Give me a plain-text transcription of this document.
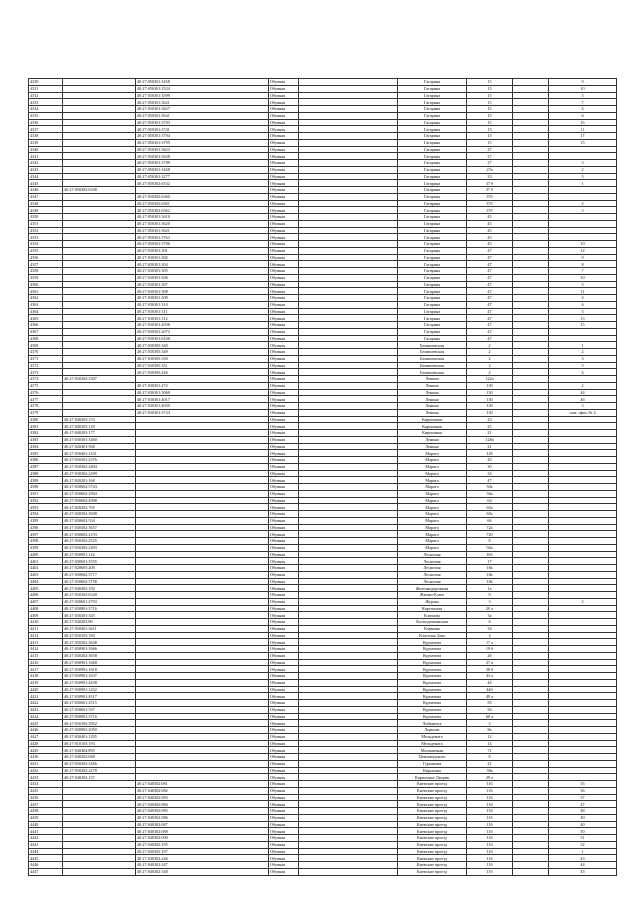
4330		40:27:050301:3458	Обувная		Гагарина	15		9
4331		40:27:050301:3524	Обувная		Гагарина	15		10
4332		40:27:050301:3599	Обувная		Гагарина	15		5
4333		40:27:050301:3621	Обувная		Гагарина	15		7
4334		40:27:050301:3627	Обувная		Гагарина	15		4
4335		40:27:050301:3641	Обувная		Гагарина	15		6
4336		40:27:050301:3703	Обувная		Гагарина	15		16
4337		40:27:050301:3741	Обувная		Гагарина	15		11
4338		40:27:050301:3794	Обувная		Гагарина	15		17
4339		40:27:050301:3795	Обувная		Гагарина	15		15
4340		40:27:050301:3623	Обувная		Гагарина	27		
4341		40:27:050301:3638	Обувная		Гагарина	27		
4342		40:27:050301:3789	Обувная		Гагарина	27		3
4343		40:27:050301:3428	Обувная		Гагарина	27а		2
4344		40:27:050301:3277	Обувная		Гагарина	33		5
4345		40:27:050302:6532	Обувная		Гагарина	37 б		1
4346	40:27:050302:6338		Обувная		Гагарина	37 б		
4347		40:27:050302:6360	Обувная		Гагарина	37б		
4348		40:27:050302:6361	Обувная		Гагарина	37б		4
4349		40:27:050302:6362	Обувная		Гагарина	37б		3
4350		40:27:050301:3619	Обувная		Гагарина	45		
4351		40:27:050301:3620	Обувная		Гагарина	45		
4352		40:27:050301:3621	Обувная		Гагарина	45		
4353		40:27:050301:3763	Обувная		Гагарина	45		
4354		40:27:050301:3786	Обувная		Гагарина	45		10
4355		40:27:030301:301	Обувная		Гагарина	47		12
4356		40:27:030301:302	Обувная		Гагарина	47		9
4357		40:27:030301:304	Обувная		Гагарина	47		8
4358		40:27:030301:305	Обувная		Гагарина	47		7
4359		40:27:030301:306	Обувная		Гагарина	47		10
4360		40:27:030301:307	Обувная		Гагарина	47		5
4361		40:27:030301:308	Обувная		Гагарина	47		11
4362		40:27:030301:309	Обувная		Гагарина	47		4
4363		40:27:030301:310	Обувная		Гагарина	47		6
4364		40:27:030301:311	Обувная		Гагарина	47		3
4365		40:27:030301:312	Обувная		Гагарина	47		13
4366		40:27:030301:2036	Обувная		Гагарина	47		15
4367		40:27:030301:2073	Обувная		Гагарина	47		
4368		40:27:030301:6108	Обувная		Гагарина	47		
4369		40:27:030305:340	Обувная		Бемишевская	2		1
4370		40:27:030305:349	Обувная		Бемишевская	2		2
4371		40:27:030305:350	Обувная		Бемишевская	2		3
4372		40:27:030305:351	Обувная		Бемишевская	2		5
4373		40:27:030305:426	Обувная		Бемишевская	2		4
4374	40:27:030202:2307		Обувная		Ленина	122а		
4375		40:27:030301:472	Обувная		Ленина	130		2
4376		40:27:030301:3069	Обувная		Ленина	130		44
4377		40:27:030301:4017	Обувная		Ленина	130		46
4378		40:27:030301:4030	Обувная		Ленина	130		3
4379		40:27:030301:3734	Обувная		Ленина	130		пом. офис № 4
4380	40:27:040203:133		Обувная		Кирпичная	23		
4381	40:27:040203:129		Обувная		Кирпичная	25		
4382	40:27:040203:177		Обувная		Кирпичная	21		
4383	40:27:030301:3460		Обувная		Ленина	128а		
4384	40:27:020401:568		Обувная		Ленина	21		
4385	40:27:030401:1431		Обувная		Марата	128		
4386	40:27:030201:2376		Обувная		Марата	20		
4387	40:27:030302:2494		Обувная		Марата	30		
4388	40:27:030302:2499		Обувная		Марата	34		
4389	40:27:020201:168		Обувная		Марата	47		
4390	40:27:030602:5743		Обувная		Марата	50а		
4391	40:27:030602:2904		Обувная		Марата	56а		
4392	40:27:030602:4998		Обувная		Марата	64		
4393	40:27:020202:795		Обувная		Марата	65а		
4394	40:27:030302:3698		Обувная		Марата	65а		
4395	40:27:030602:534		Обувная		Марата	66		
4396	40:27:030302:3657		Обувная		Марата	72а		
4397	40:27:030602:2193		Обувная		Марата	720		
4398	40:27:030302:2525		Обувная		Марата	8		
4399	40:27:030302:2493		Обувная		Марата	92а		
4400	40:27:030901:142		Обувная		Лесничая	16б		
4401	40:27:030601:3555		Обувная		Лесничая	17		
4402	40:27:020605:200		Обувная		Лесничая	18а		
4403	40:27:030602:3717		Обувная		Лесничая	18а		
4404	40:27:030602:3758		Обувная		Лесничая	18а		
4405	40:27:040402:182		Обувная		Железнодорожная	1а		
4406	40:27:030202:6349		Обувная		Жилин-Ключ	9		
4407	40:27:030601:2703		Обувная		Журова	3		2
4408	40:27:030801:3716		Обувная		Киргизская	20 а		
4409	40:27:030201:345		Обувная		Клюкова	3а		
4410	40:27:040203:80		Обувная		Космодемьянская	6		
4411	40:27:030401:3611		Обувная		Кормина	34		
4412	40:27:030103:184		Обувная		Кластная Зона	4		
4413	40:27:030202:3648		Обувная		Курчатова	17 а		
4414	40:27:030901:1666		Обувная		Курчатова	19 б		
4415	40:27:030202:3658		Обувная		Курчатова	26		
4416	40:27:030901:1668		Обувная		Курчатова	27 а		
4417	40:27:030901:1618		Обувная		Курчатова	38 б		
4418	40:27:030901:1637		Обувная		Курчатова	43 а		
4419	40:27:030901:4438		Обувная		Курчатова	44		
4420	40:27:030901:1432		Обувная		Курчатова	44б		
4421	40:27:030901:4517		Обувная		Курчатова	49 а		
4422	40:27:030601:2515		Обувная		Курчатова	55		
4423	40:27:030601:337		Обувная		Курчатова	56		
4424	40:27:030901:3716		Обувная		Курчатова	60 а		
4425	40:27:030102:3952		Обувная		Либкнехта	3		
4426	40:27:030902:2050		Обувная		Лермонт	8а		
4427	40:27:030401:1205		Обувная		Мельдената	12		
4428	40:27:010103:193		Обувная		Мельдената	14		
4429	40:27:040404:895		Обувная		Мальничная	71		
4430	40:27:040202:068		Обувная		Цемзаводского	8		
4431	40:27:030202:3466		Обувная		Гурьянова	21		
4432	40:27:030202:2478		Обувная		Кирпична	38а		
4433	40:27:040202:137		Обувная		Кирпичное Дворик	29 а		
4434		40:27:040302:081	Обувная		Киевские проезд	116		35
4435		40:27:040302:082	Обувная		Киевские проезд	116		36
4436		40:27:040302:083	Обувная		Киевские проезд	116		37
4437		40:27:040302:084	Обувная		Киевские проезд	116		47
4438		40:27:040302:085	Обувная		Киевские проезд	116		48
4439		40:27:040302:086	Обувная		Киевские проезд	116		49
4440		40:27:040302:087	Обувная		Киевские проезд	116		40
4441		40:27:040302:088	Обувная		Киевские проезд	116		50
4442		40:27:040302:090	Обувная		Киевские проезд	116		51
4443		40:27:040302:195	Обувная		Киевские проезд	116		52
4444		40:27:040302:197	Обувная		Киевские проезд	116		1
4445		40:27:040302:246	Обувная		Киевские проезд	116		43
4446		40:27:040302:247	Обувная		Киевские проезд	116		44
4447		40:27:040302:348	Обувная		Киевские проезд	116		45
